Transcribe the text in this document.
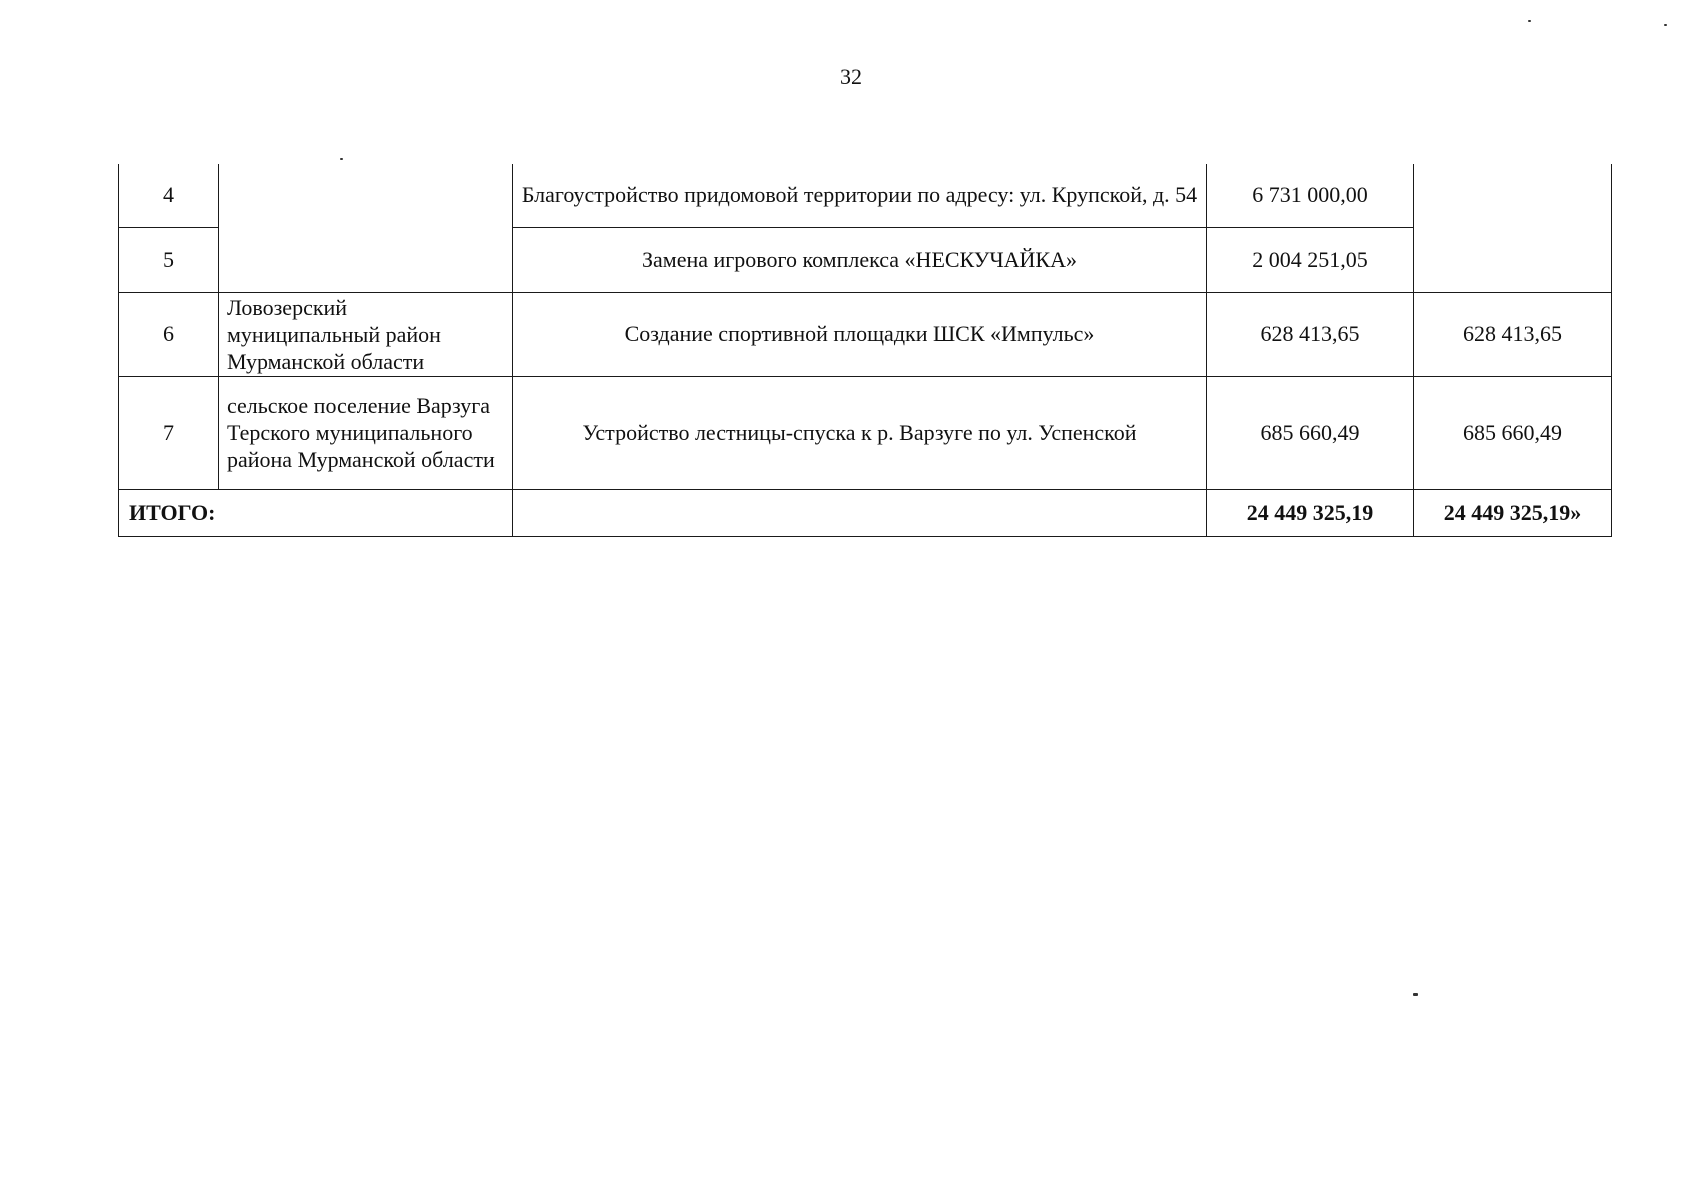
32
4		Благоустройство придомовой территории по адресу: ул. Крупской, д. 54	6 731 000,00	
5		Замена игрового комплекса «НЕСКУЧАЙКА»	2 004 251,05	
6	Ловозерский муниципальный район Мурманской области	Создание спортивной площадки ШСК «Импульс»	628 413,65	628 413,65
7	сельское поселение Варзуга Терского муниципального района Мурманской области	Устройство лестницы-спуска к р. Варзуге по ул. Успенской	685 660,49	685 660,49
ИТОГО:			24 449 325,19	24 449 325,19»
